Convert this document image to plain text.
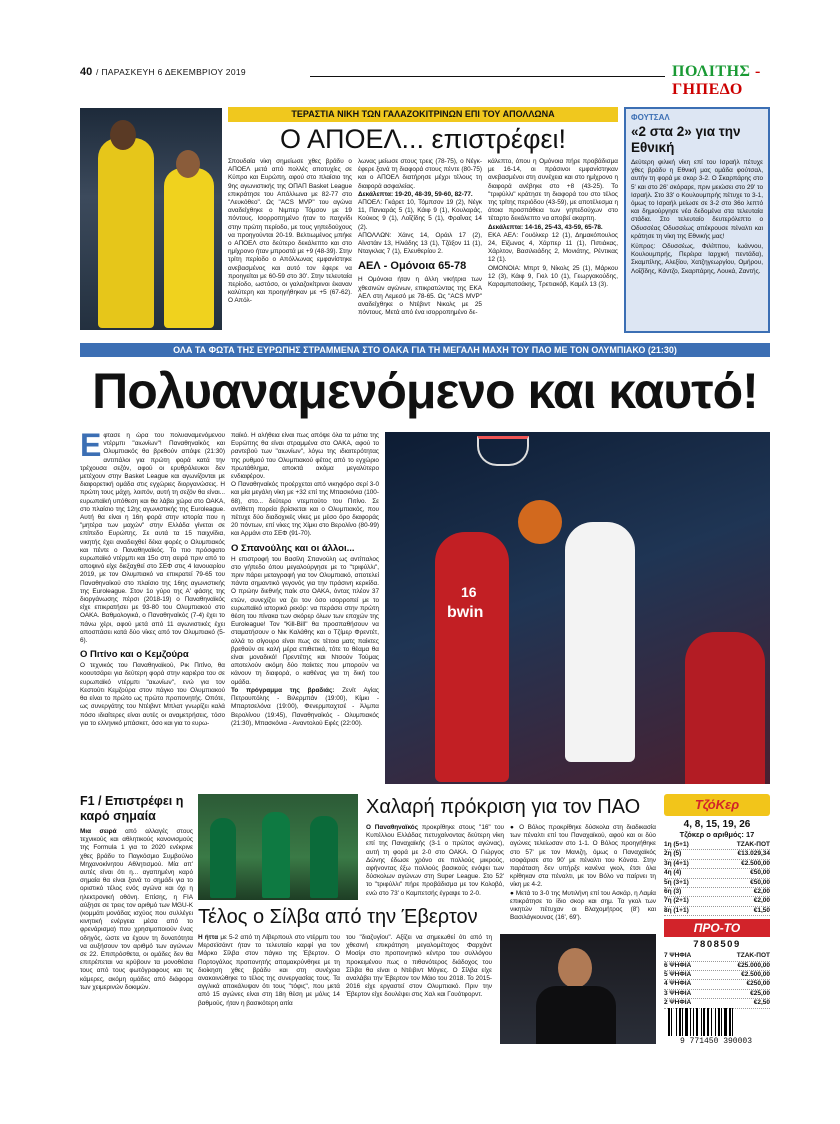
40 / ΠΑΡΑΣΚΕΥΗ 6 ΔΕΚΕΜΒΡΙΟΥ 2019	ΠΟΛΙΤΗΣ - ΓΗΠΕΔΟ
ΤΕΡΑΣΤΙΑ ΝΙΚΗ ΤΩΝ ΓΑΛΑΖΟΚΙΤΡΙΝΩΝ ΕΠΙ ΤΟΥ ΑΠΟΛΛΩΝΑ
Ο ΑΠΟΕΛ... επιστρέφει!
Σπουδαία νίκη σημείωσε χθες βράδυ ο ΑΠΟΕΛ μετά από πολλές αποτυχίες σε Κύπρο και Ευρώπη, αφού στο πλαίσιο της 9ης αγωνιστικής της ΟΠΑΠ Basket League επικράτησε του Απόλλωνα με 82-77 στο "Λευκόθεο". Ως "ACS MVP" του αγώνα αναδείχθηκε ο Νιμπερ Τόμσον με 19 πόντους. Ισορροπημένο ήταν το παιχνίδι στην πρώτη περίοδο, με τους γηπεδούχους να προηγούνται 20-19. Βελτιωμένος μπήκε ο ΑΠΟΕΛ στο δεύτερο δεκάλεπτο και στο ημίχρονο ήταν μπροστά με +9 (48-39). Στην τρίτη περίοδο ο Απόλλωνας εμφανίστηκε ανεβασμένος και αυτό τον έφερε να προηγείται με 60-59 στο 30'. Στην τελευταία περίοδο, ωστόσο, οι γαλαζοκίτρινοι έκαναν καλύτερη και προηγήθηκαν με +5 (67-62). Ο Απόλ-

λωνας μείωσε στους τρεις (78-75), ο Νέγκ-έφερε ξανά τη διαφορά στους πέντε (80-75) και ο ΑΠΟΕΛ διατήρησε μέχρι τέλους τη διαφορά ασφαλείας.

Δεκάλεπτα: 19-20, 48-39, 59-60, 82-77.

ΑΠΟΕΛ: Γκάρετ 10, Τόμπσον 19 (2), Νέγκ 11, Πανιαράς 5 (1), Κάιφ 9 (1), Κουλαράς, Κούκος 9 (1), Λοΐζίδης 5 (1), Φραΐνας 14 (2).

ΑΠΟΛΛΩΝ: Χάινς 14, Οράιλ 17 (2), Αϊνστάιν 13, Ηλιάδης 13 (1), Τζάξον 11 (1), Νταγκλας 7 (1), Ελευθερίου 2.

ΑΕΛ - Ομόνοια 65-78

Η Ομόνοια ήταν η άλλη νικήτρια των χθεσινών αγώνων, επικρατώντας της ΕΚΑ ΑΕΛ στη Λεμεσό με 78-65. Ως "ACS MVP" αναδείχθηκε ο Ντέβιντ Νικολς με 25 πόντους. Μετά από ένα ισορροπημένο δε-

κάλεπτο, όπου η Ομόνοια πήρε προβάδισμα με 16-14, οι πράσινοι εμφανίστηκαν ανεβασμένοι στη συνέχεια και στο ημίχρονο η διαφορά ανέβηκε στο +8 (43-25). Το "τριφύλλι" κράτησε τη διαφορά του στο τέλος της τρίτης περιόδου (43-59), με αποτέλεσμα η άτοια προσπάθεια των γηπεδούχων στο τέταρτο δεκάλεπτο να αποβεί ακαρπη.

Δεκάλεπτα: 14-16, 25-43, 43-59, 65-78.

ΕΚΑ ΑΕΛ: Γουόλκερ 12 (1), Δημακόπουλος 24, Εϊζωνας 4, Χάρπερ 11 (1), Πιπιάκας, Χάρλτον, Βασιλειάδης 2, Μονιάτης, Ρέντικας 12 (1).

ΟΜΟΝΟΙΑ: Μπρτ 9, Νίκολς 25 (1), Μάρκου 12 (3), Κάιφ 9, Γκιλ 10 (1), Γεωργακούδης, Καραμπατσάκης, Τρετιακόβ, Καμέλ 13 (3).

ΦΟΥΤΣΑΛ
«2 στα 2» για την Εθνική
Δεύτερη φιλική νίκη επί του Ισραήλ πέτυχε χθες βράδυ η Εθνική μας ομάδα φούτσαλ, αυτήν τη φορά με σκορ 3-2. Ο Σκαρπάρης στο 5' και στο 26' σκόραρε, πριν μειώσει στο 29' το Ισραήλ. Στο 33' ο Κουλουμπρής πέτυχε το 3-1, όμως το Ισραήλ μείωσε σε 3-2 στο 36ο λεπτό και δημιούργησε νέα δεδομένα στα τελευταία στάδια. Στο τελευταίο δευτερόλεπτο ο Οδυσσέας Οδυσσέως απέκρουσε πέναλτι και κράτησε τη νίκη της Εθνικής μας!
Κύπρος: Οδυσσέως, Φιλίππου, Ιωάννου, Κουλουμπρής, Περέιρα Ιαρχική πεντάδα), Σκαμπίλης, Αλεξίου, Χατζηγεωργίου, Ομήρου, Λοΐζίδης, Κάντζο, Σκαρπάρης, Λουκά, Ζαντής.
ΟΛΑ ΤΑ ΦΩΤΑ ΤΗΣ ΕΥΡΩΠΗΣ ΣΤΡΑΜΜΕΝΑ ΣΤΟ ΟΑΚΑ ΓΙΑ ΤΗ ΜΕΓΑΛΗ ΜΑΧΗ ΤΟΥ ΠΑΟ ΜΕ ΤΟΝ ΟΛΥΜΠΙΑΚΟ (21:30)
Πολυαναμενόμενο και καυτό!

Εφτασε η ώρα του πολυαναμενόμενου ντέρμπι "αιωνίων"! Παναθηναϊκός και Ολυμπιακός θα βρεθούν απόψε (21:30) αντιπάλοι για πρώτη φορά κατά την τρέχουσα σεζόν, αφού οι ερυθρόλευκοι δεν μετέχουν στην Basket League και αγωνίζονται με διαφορετική ομάδα στις εγχώριες διοργανώσεις. Η πρώτη τους μάχη, λοιπόν, αυτή τη σεζόν θα είναι... ευρωπαϊκή υπόθεση και θα λάβει χώρα στο ΟΑΚΑ, στο πλαίσιο της 12ης αγωνιστικής της Euroleague. Αυτή θα είναι η 16η φορά στην ιστορία που η "μητέρα των μαχών" στην Ελλάδα γίνεται σε επίπεδο Ευρώπης. Σε αυτά τα 15 παιχνίδια, νικητής έχει αναδειχθεί δέκα φορές ο Ολυμπιακός και πέντε ο Παναθηναϊκός. Το πιο πρόσφατο ευρωπαϊκό ντέρμπι και 15ο στη σειρά πριν από το αποψινό είχε διεξαχθεί στο ΣΕΦ στις 4 Ιανουαρίου 2019, με τον Ολυμπιακό να επικρατεί 79-65 του Παναθηναϊκού στο πλαίσιο της 16ης αγωνιστικής της Euroleague. Στον 1ο γύρο της Α' φάσης της διοργάνωσης πέρσι (2018-19) ο Παναθηναϊκός είχε επικρατήσει με 93-80 του Ολυμπιακού στο ΟΑΚΑ. Βαθμολογικά, ο Παναθηναϊκός (7-4) έχει το πάνω χέρι, αφού μετά από 11 αγωνιστικές έχει αποσπάσει κατά δύο νίκες από τον Ολυμπιακό (5-6).

Ο Πιτίνο και ο Κεμζούρα

Ο τεχνικός του Παναθηναϊκού, Ρικ Πιτίνο, θα κοουτσάρει για δεύτερη φορά στην καριέρα του σε ευρωπαϊκό ντέρμπι "αιωνίων", ενώ για τον Κεστούτι Κεμζούρα στον πάγκο του Ολυμπιακού θα είναι το πρώτο ως πρώτο προπονητής. Οπότε, ως συνεργάτης του Ντέιβιντ Μπλατ γνωρίζει καλά πόσο ιδιαίτερες είναι αυτές οι αναμετρήσεις, τόσο για το ελληνικό μπάσκετ, όσο και για το ευρω-

παϊκό. Η αλήθεια είναι πως απόψε όλα τα μάτια της Ευρώπης θα είναι στραμμένα στο ΟΑΚΑ, αφού το ραντεβού των "αιωνίων", λόγω της ιδιαιτερότητας της ρυθμού του Ολυμπιακού φέτος από το εγχώριο πρωτάθλημα, αποκτά ακόμα μεγαλύτερο ενδιαφέρον.

Ο Παναθηναϊκός προέρχεται από νικηφόρο σερί 3-0 και μία μεγάλη νίκη με +32 επί της Μπασκόνια (100-68), στο... δεύτερο ντεμπούτο του Πιτίνο. Σε αντίθετη πορεία βρίσκεται και ο Ολυμπιακός, που πέτυχε δύο διαδοχικές νίκες με μέσο όρο διαφοράς 20 πόντων, επί νίκες της Χίμκι στο Βερολίνο (80-99) και Αρμάνι στο ΣΕΦ (91-70).

Ο Σπανούλης και οι άλλοι...

Η επιστροφή του Βασίλη Σπανούλη ως αντίπαλος στο γήπεδο όπου μεγαλούργησε με το "τριφύλλι", πριν πάρει μεταγραφή για τον Ολυμπιακό, αποτελεί πάντα σημαντικό γεγονός για την πράσινη κερκίδα. Ο πρώην διεθνής παίκ στο ΟΑΚΑ, όντας πλέον 37 ετών, συνεχίζει να ζει τον όσο ισορροπεί με το ευρωπαϊκό ιστορικό ρεκόρ: να περάσει στην πρώτη θέση του πίνακα των σκόρερ όλων των εποχών της Euroleague! Τον "Kill-Bill" θα προσπαθήσουν να σταματήσουν ο Νικ Καλάθης και ο Τζίμερ Φρεντέτ, αλλά το σίγουρο είναι πως σε τέτοια ματς παίκτες βρεθούν σε καλή μέρα επιθετικά, τότε το θέαμα θα είναι μοναδικό! Πρεντέτης και Ντσούν Τούμας αποτελούν ακόμη δύο παίκτες που μπορούν να κάνουν τη διαφορά, ο καθένας για τη δική του ομάδα.

Το πρόγραμμα της βραδιάς: Ζενίτ Αγίας Πετρουπόλης - Βιλερμπάν (19:00), Κίμκι - Μπαρτσελόνα (19:00), Φενερμπαχτσέ - Άλμπα Βερολίνου (19:45), Παναθηναϊκός - Ολυμπιακός (21:30), Μπασκόνια - Αναντολού Εφές (22:00).

16
bwin
F1 / Επιστρέφει η καρό σημαία
Μια σειρά από αλλαγές στους τεχνικούς και αθλητικούς κανονισμούς της Formula 1 για το 2020 ενέκρινε χθες βράδυ το Παγκόσμιο Συμβούλιο Μηχανοκίνητου Αθλητισμού. Μία απ' αυτές είναι ότι η... αγαπημένη καρό σημαία θα είναι ξανά το σημάδι για το οριστικό τέλος ενός αγώνα και όχι η ηλεκτρονική οθόνη. Επίσης, η FIA αύξησε σε τρεις τον αριθμό των MGU-K (κομμάτι μονάδας ισχύος που συλλέγει κινητική ενέργεια μέσα από το φρενάρισμα) που χρησιμοποιούν ένας οδηγός, ώστε να έχουν τη δυνατότητα να αυξήσουν τον αριθμό των αγώνων σε 22. Επιπρόσθετα, οι ομάδες δεν θα επιτρέπεται να κρύβουν τα μονοθέσια τους από τους φωτόγραφους και τις κάμερες, ακόμη ομάδες από διάφορα των χειμερινών δοκιμών.
Χαλαρή πρόκριση για τον ΠΑΟ
Ο Παναθηναϊκός προκρίθηκε στους "16" του Κυπέλλου Ελλάδας πετυχαίνοντας δεύτερη νίκη επί της Παναχαϊκής (3-1 ο πρώτος αγώνας), αυτή τη φορά με 2-0 στο ΟΑΚΑ. Ο Γιώργος Δώνης έδωσε χρόνο σε πολλούς μικρούς, αφήνοντας έξω πολλούς βασικούς ενόψει των δύσκολων αγώνων στη Super League. Στο 52' το "τριφύλλι" πήρε προβάδισμα με τον Κολοβό, ενώ στο 73' ο Καμπετσής έγραψε το 2-0.

● Ο Βόλος προκρίθηκε δύσκολα στη διαδικασία των πέναλτι επί του Παναχαϊκού, αφού και οι δύο αγώνες τελείωσαν στο 1-1. Ο Βόλος προηγήθηκε στο 57' με τον Μανιζη, όμως ο Παναχαϊκός ισοφάρισε στο 90' με πέναλτι του Κόνσα. Στην παράταση δεν υπήρξε κανένα γκολ, έτσι όλα κρίθηκαν στα πέναλτι, με τον Βόλο να παίρνει τη νίκη με 4-2.

● Μετά το 3-0 της Μυτιλήνη επί του Ασκάρ, η Λαμία επικράτησε το ίδιο σκορ και σημ. Τα γκολ των νικητών πέτυχαν οι Βλαχομήτρος (8') και Βασιλάγκουνας (16', 69').

Τέλος ο Σίλβα από την Έβερτον
Η ήττα με 5-2 από τη Λίβερπουλ στο ντέρμπι του Μερσεϊσάιντ ήταν το τελευταίο καρφί για τον Μάρκο Σίλβα στον πάγκο της Έβερτον. Ο Πορτογάλος προπονητής απομακρύνθηκε με τη διοίκηση χθες βράδυ και στη συνέχεια ανακοινώθηκε το τέλος της συνεργασίας τους. Τα αγγλικά αποκάλυψαν ότι τους "τόφις", που μετά από 15 αγώνες είναι στη 18η θέση με μόλις 14 βαθμούς, ήταν η βασικότερη αιτία
του "διαζυγίου". Αξίζει να σημειωθεί ότι από τη χθεσινή επικράτηση μεγαλομέτοχος Φαρχάντ Μοσίρι στο προπονητικό κέντρο του συλλόγου προκειμένου πως ο πιθανότερος διάδοχος του Σίλβα θα είναι ο Ντέιβιντ Μόγιες. Ο Σίλβα είχε αναλάβει την Έβερτον τον Μάιο του 2018. Το 2015-2016 είχε εργαστεί στον Ολυμπιακό. Πριν την Έβερτον είχε δουλέψει στις Χαλ και Γουότφορντ.
ΤζόΚερ
4, 8, 15, 19, 26
Τζόκερ ο αριθμός: 17
1η (5+1)	ΤΖΑΚ-ΠΟΤ
2η (5)	€13.029,34
3η (4+1)	€2.500,00
4η (4)	€50,00
5η (3+1)	€50,00
6η (3)	€2,00
7η (2+1)	€2,00
8η (1+1)	€1,50
ΠΡΟ-ΤΟ
7808509
7 ΨΗΦΙΑ	ΤΖΑΚ-ΠΟΤ
6 ΨΗΦΙΑ	€25.000,00
5 ΨΗΦΙΑ	€2.500,00
4 ΨΗΦΙΑ	€250,00
3 ΨΗΦΙΑ	€25,00
2 ΨΗΦΙΑ	€2,50
9 771450 390003
